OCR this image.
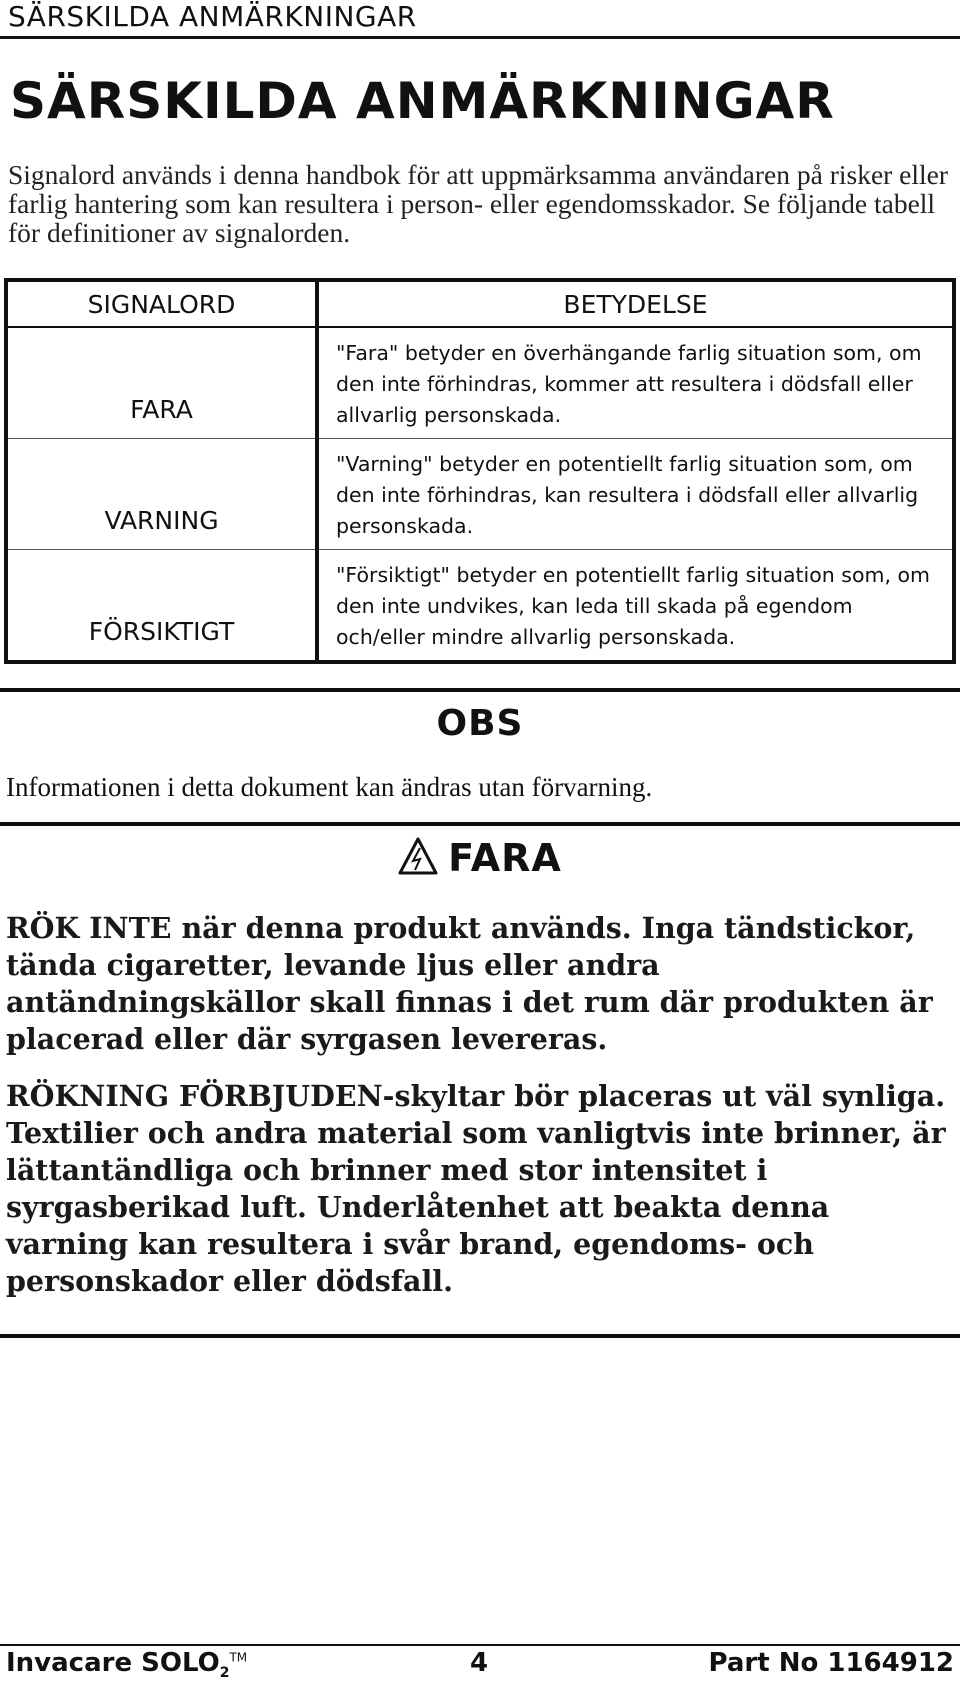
SÄRSKILDA ANMÄRKNINGAR
SÄRSKILDA ANMÄRKNINGAR

Signalord används i denna handbok för att uppmärksamma användaren på risker eller farlig hantering som kan resultera i person- eller egendomsskador. Se följande tabell för definitioner av signalorden.

SIGNALORD	BETYDELSE
FARA	"Fara" betyder en överhängande farlig situation som, om den inte förhindras, kommer att resultera i dödsfall eller allvarlig personskada.
VARNING	"Varning" betyder en potentiellt farlig situation som, om den inte förhindras, kan resultera i dödsfall eller allvarlig personskada.
FÖRSIKTIGT	"Försiktigt" betyder en potentiellt farlig situation som, om den inte undvikes, kan leda till skada på egendom och/eller mindre allvarlig personskada.
OBS

Informationen i detta dokument kan ändras utan förvarning.

FARA

RÖK INTE när denna produkt används. Inga tändstickor, tända cigaretter, levande ljus eller andra antändningskällor skall finnas i det rum där produkten är placerad eller där syrgasen levereras.

RÖKNING FÖRBJUDEN-skyltar bör placeras ut väl synliga. Textilier och andra material som vanligtvis inte brinner, är lättantändliga och brinner med stor intensitet i syrgasberikad luft. Underlåtenhet att beakta denna varning kan resultera i svår brand, egendoms- och personskador eller dödsfall.

Invacare $SOLO_2™$	4	Part No 1164912
